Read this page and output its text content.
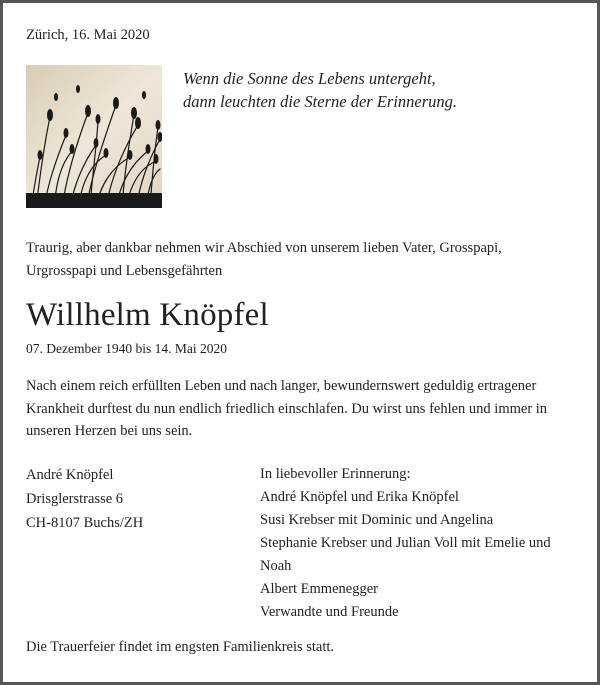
Zürich, 16. Mai 2020
Wenn die Sonne des Lebens untergeht,
dann leuchten die Sterne der Erinnerung.
Traurig, aber dankbar nehmen wir Abschied von unserem lieben Vater, Grosspapi, Urgrosspapi und Lebensgefährten
Willhelm Knöpfel
07. Dezember 1940 bis 14. Mai 2020
Nach einem reich erfüllten Leben und nach langer, bewundernswert geduldig ertragener Krankheit durftest du nun endlich friedlich einschlafen. Du wirst uns fehlen und immer in unseren Herzen bei uns sein.
André Knöpfel
Drisglerstrasse 6
CH-8107 Buchs/ZH
In liebevoller Erinnerung:
André Knöpfel und Erika Knöpfel
Susi Krebser mit Dominic und Angelina
Stephanie Krebser und Julian Voll mit Emelie und Noah
Albert Emmenegger
Verwandte und Freunde
Die Trauerfeier findet im engsten Familienkreis statt.
